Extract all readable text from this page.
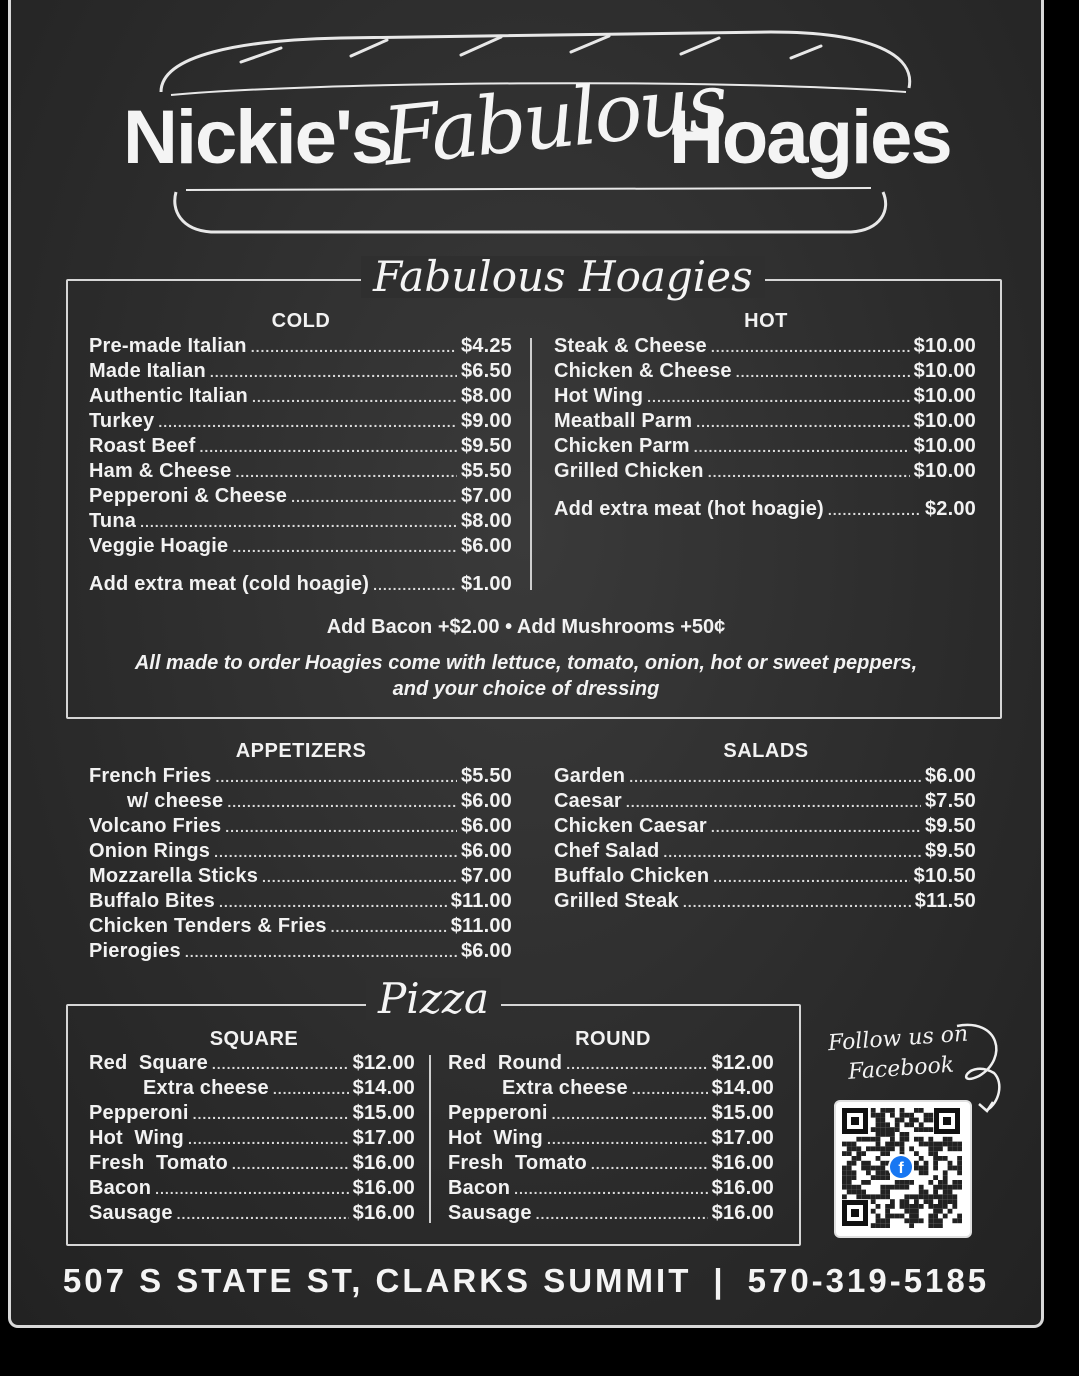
Nickie's
Fabulous
Hoagies
Fabulous Hoagies
COLD	HOT
Pre-made Italian .....	$4.25
Made Italian .....	$6.50
Authentic Italian .....	$8.00
Turkey .....	$9.00
Roast Beef .....	$9.50
Ham & Cheese .....	$5.50
Pepperoni & Cheese .....	$7.00
Tuna .....	$8.00
Veggie Hoagie .....	$6.00
Add extra meat (cold hoagie) .....	$1.00
Steak & Cheese .....	$10.00
Chicken & Cheese .....	$10.00
Hot Wing .....	$10.00
Meatball Parm .....	$10.00
Chicken Parm .....	$10.00
Grilled Chicken .....	$10.00
Add extra meat (hot hoagie) .....	$2.00
Add Bacon +$2.00 • Add Mushrooms +50¢
All made to order Hoagies come with lettuce, tomato, onion, hot or sweet peppers,
and your choice of dressing
APPETIZERS	SALADS
French Fries .....	$5.50
w/ cheese .....	$6.00
Volcano Fries .....	$6.00
Onion Rings .....	$6.00
Mozzarella Sticks .....	$7.00
Buffalo Bites .....	$11.00
Chicken Tenders & Fries .....	$11.00
Pierogies .....	$6.00
Garden .....	$6.00
Caesar .....	$7.50
Chicken Caesar .....	$9.50
Chef Salad .....	$9.50
Buffalo Chicken .....	$10.50
Grilled Steak .....	$11.50
Pizza
SQUARE	ROUND
Red  Square .....	$12.00
Extra cheese .....	$14.00
Pepperoni .....	$15.00
Hot  Wing .....	$17.00
Fresh  Tomato .....	$16.00
Bacon .....	$16.00
Sausage .....	$16.00
Red  Round .....	$12.00
Extra cheese .....	$14.00
Pepperoni .....	$15.00
Hot  Wing .....	$17.00
Fresh  Tomato .....	$16.00
Bacon .....	$16.00
Sausage .....	$16.00
Follow us on
Facebook
f
507 S STATE ST, CLARKS SUMMIT | 570-319-5185
